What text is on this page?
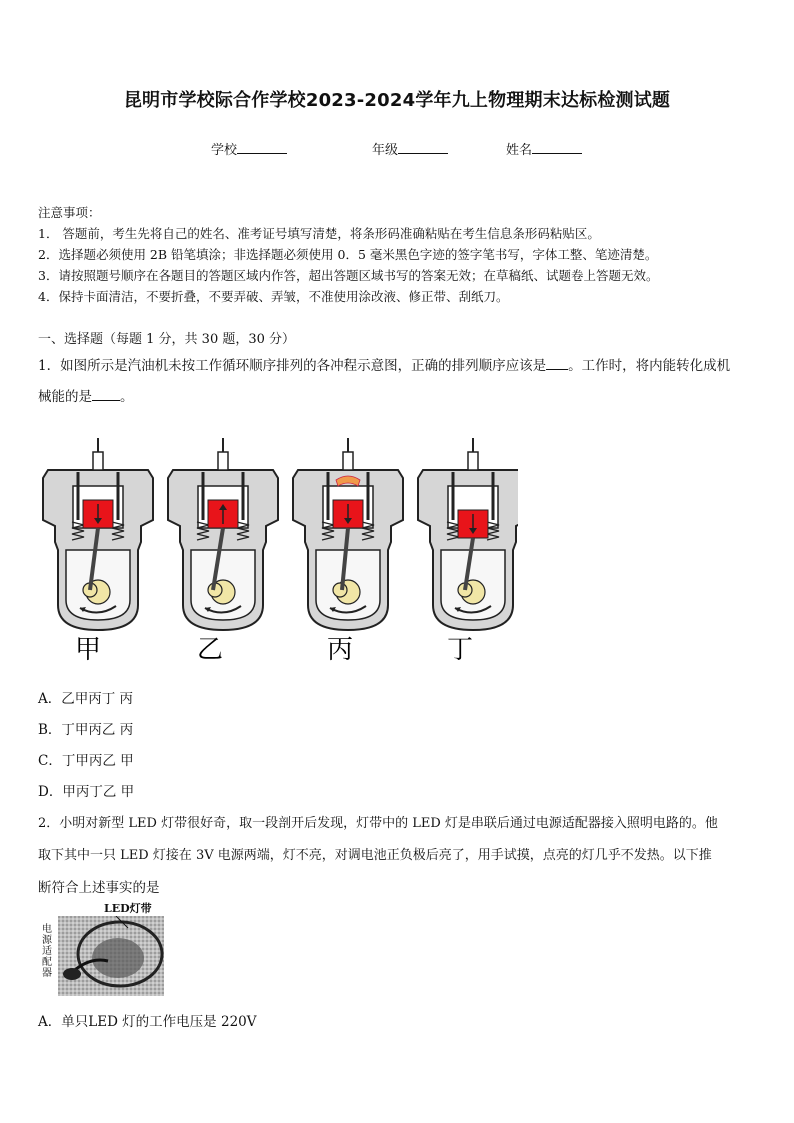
昆明市学校际合作学校2023-2024学年九上物理期末达标检测试题
学校	年级	姓名
注意事项：
1． 答题前，考生先将自己的姓名、准考证号填写清楚，将条形码准确粘贴在考生信息条形码粘贴区。
2．选择题必须使用 2B 铅笔填涂；非选择题必须使用 0．5 毫米黑色字迹的签字笔书写，字体工整、笔迹清楚。
3．请按照题号顺序在各题目的答题区域内作答，超出答题区域书写的答案无效；在草稿纸、试题卷上答题无效。
4．保持卡面清洁，不要折叠，不要弄破、弄皱，不准使用涂改液、修正带、刮纸刀。
一、选择题（每题 1 分，共 30 题，30 分）
1．如图所示是汽油机未按工作循环顺序排列的各冲程示意图，正确的排列顺序应该是 。工作时，将内能转化成机
械能的是 。
甲	乙	丙	丁
A．乙甲丙丁 丙
B．丁甲丙乙 丙
C．丁甲丙乙 甲
D．甲丙丁乙 甲
2．小明对新型 LED 灯带很好奇，取一段剖开后发现，灯带中的 LED 灯是串联后通过电源适配器接入照明电路的。他
取下其中一只 LED 灯接在 3V 电源两端，灯不亮，对调电池正负极后亮了，用手试摸，点亮的灯几乎不发热。以下推
断符合上述事实的是
LED灯带
电
源
适
配
器
A．单只LED 灯的工作电压是 220V
